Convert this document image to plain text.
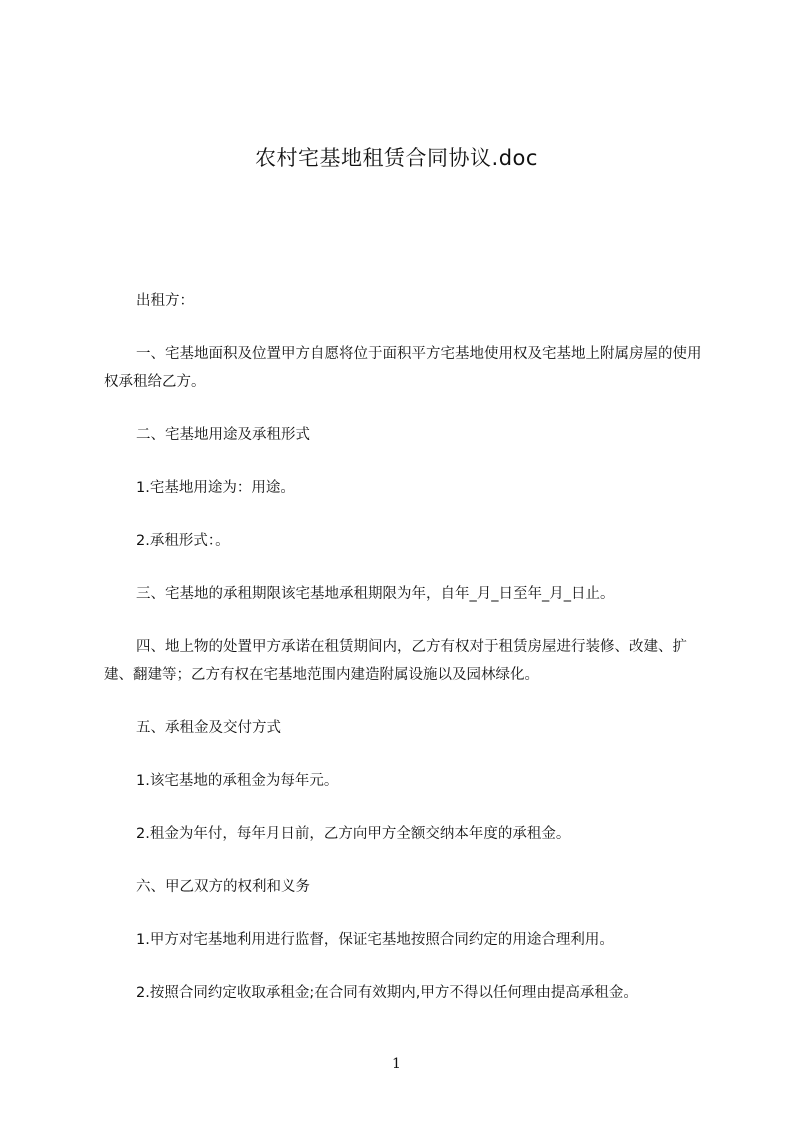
农村宅基地租赁合同协议.doc

出租方：

一、宅基地面积及位置甲方自愿将位于面积平方宅基地使用权及宅基地上附属房屋的使用权承租给乙方。

二、宅基地用途及承租形式

1.宅基地用途为：用途。

2.承租形式：。

三、宅基地的承租期限该宅基地承租期限为年，自年_月_日至年_月_日止。

四、地上物的处置甲方承诺在租赁期间内，乙方有权对于租赁房屋进行装修、改建、扩建、翻建等；乙方有权在宅基地范围内建造附属设施以及园林绿化。

五、承租金及交付方式

1.该宅基地的承租金为每年元。

2.租金为年付，每年月日前，乙方向甲方全额交纳本年度的承租金。

六、甲乙双方的权利和义务

1.甲方对宅基地利用进行监督，保证宅基地按照合同约定的用途合理利用。

2.按照合同约定收取承租金;在合同有效期内,甲方不得以任何理由提高承租金。

1
